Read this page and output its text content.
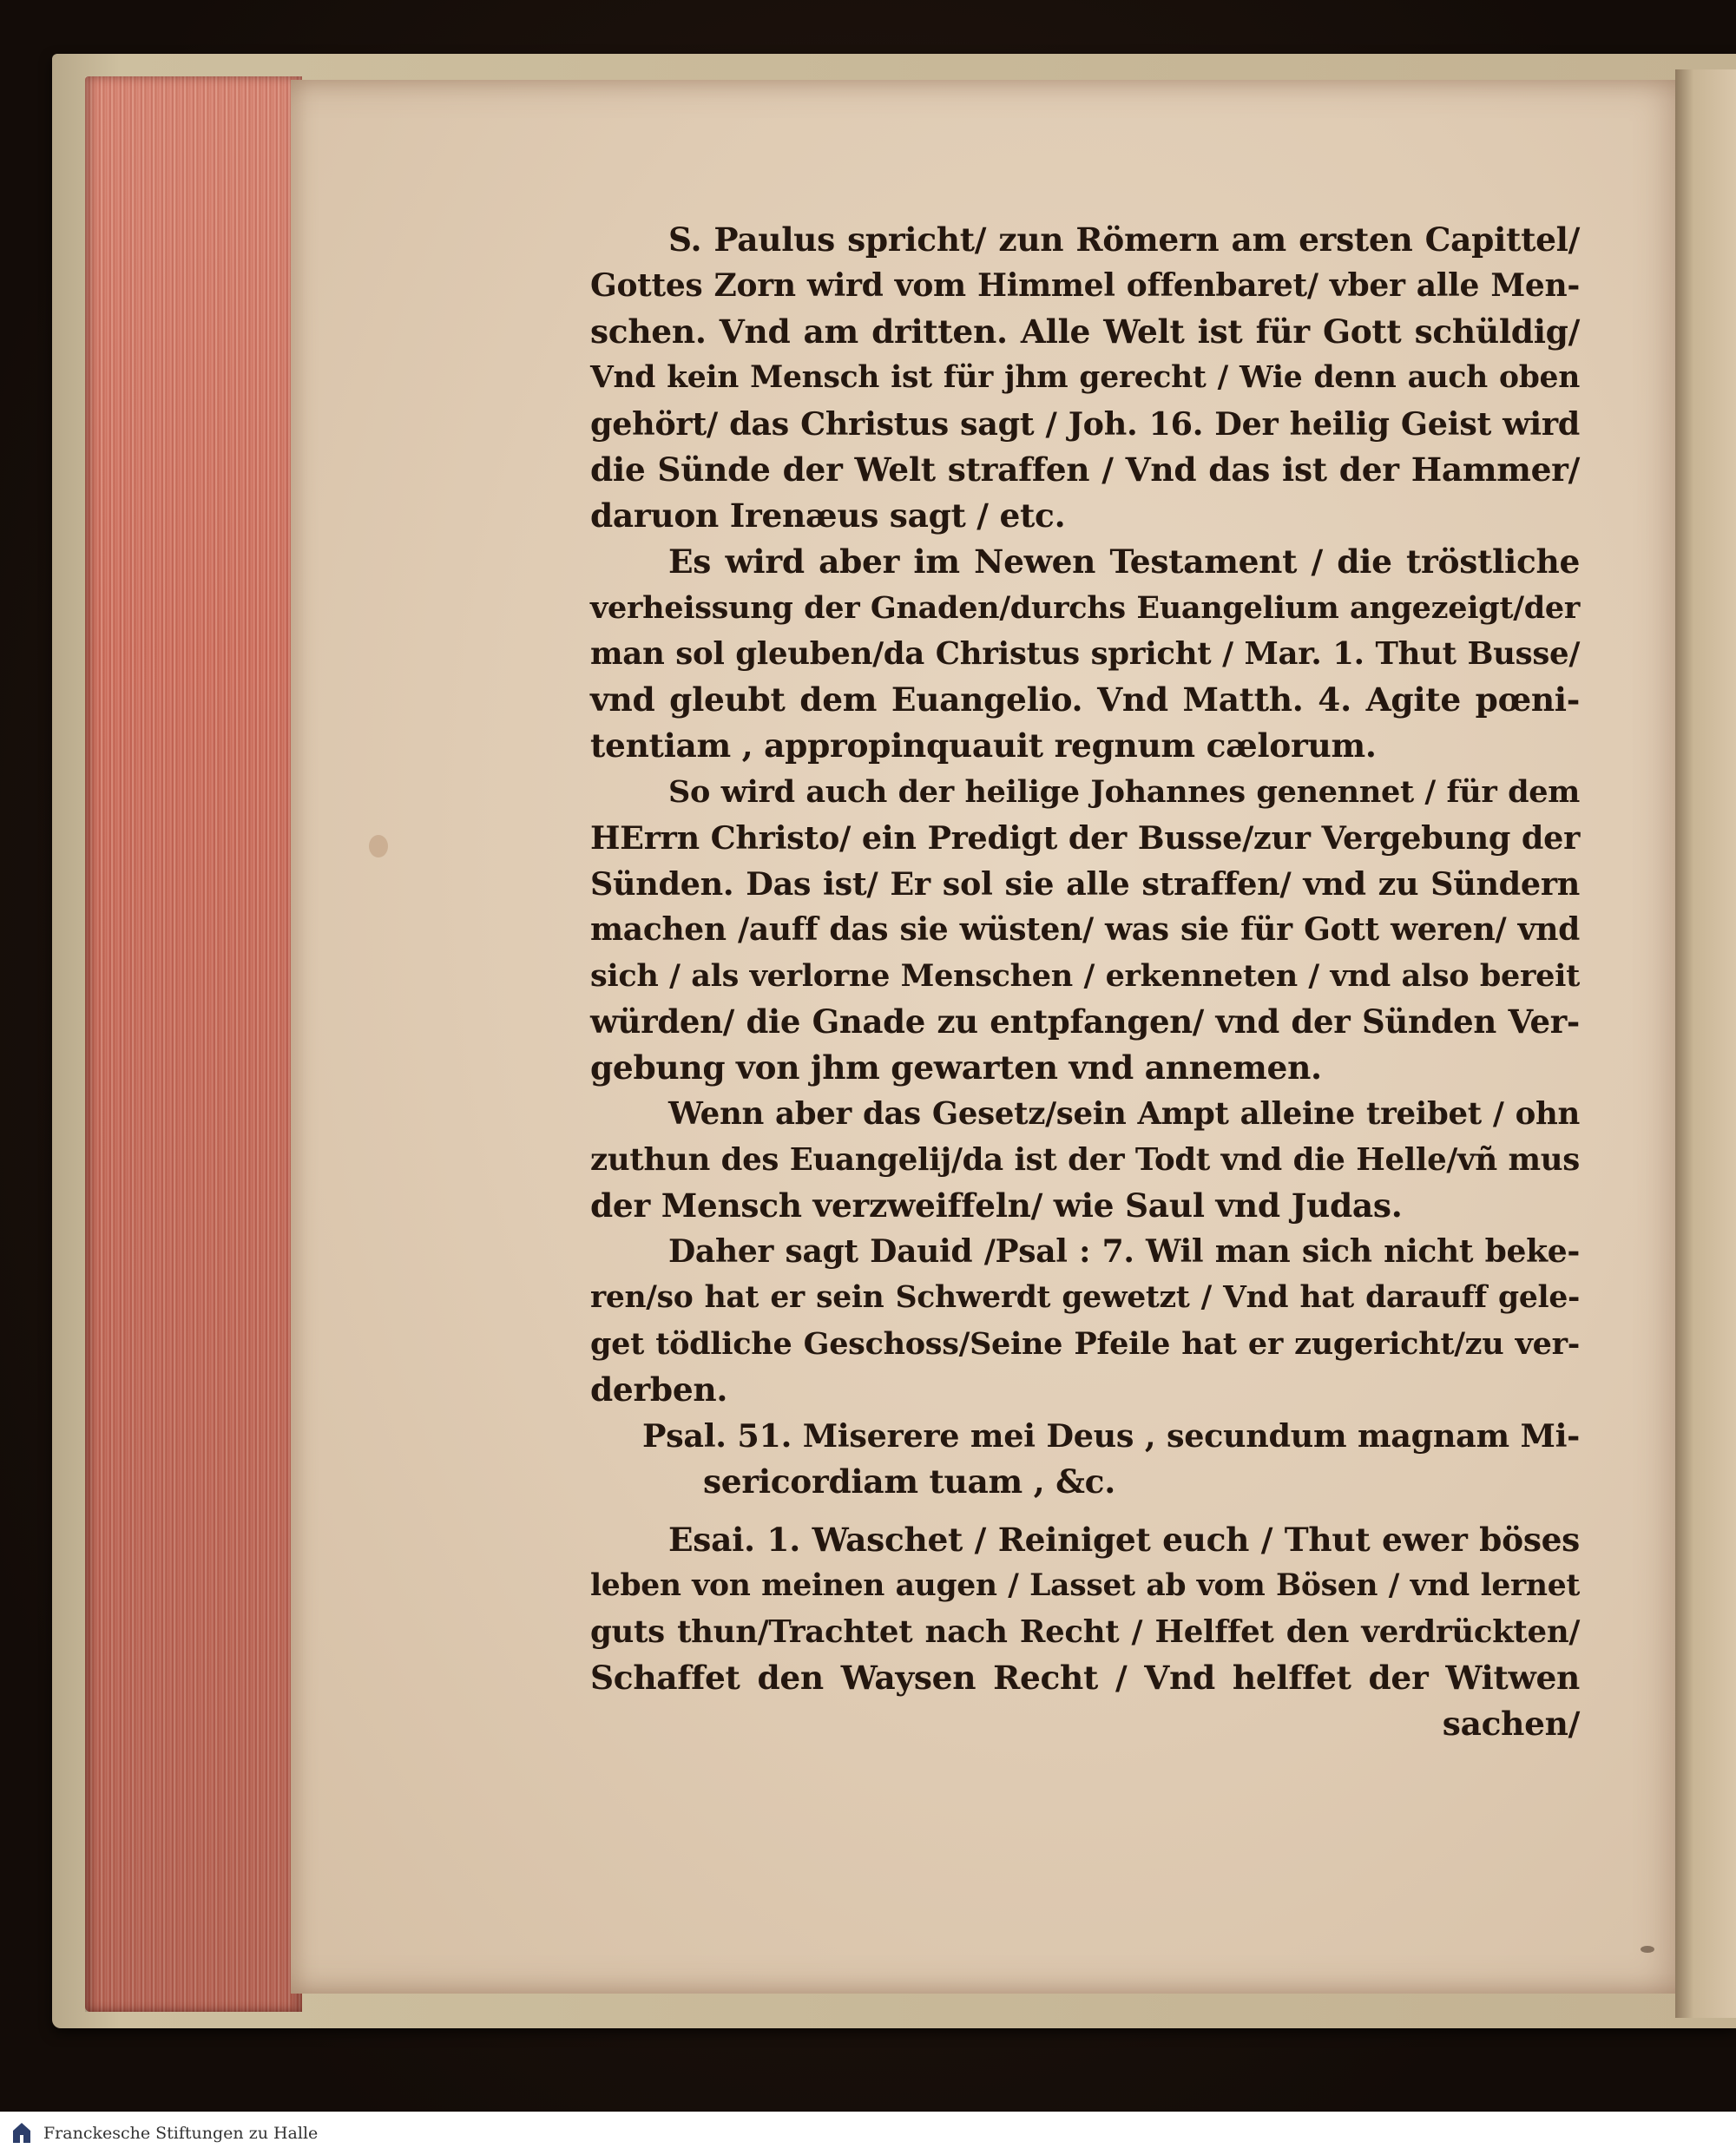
S. Paulus spricht/ zun Römern am ersten Capittel/
Gottes Zorn wird vom Himmel offenbaret/ vber alle Men-
schen. Vnd am dritten. Alle Welt ist für Gott schüldig/
Vnd kein Mensch ist für jhm gerecht / Wie denn auch oben
gehört/ das Christus sagt / Joh. 16. Der heilig Geist wird
die Sünde der Welt straffen / Vnd das ist der Hammer/
daruon Irenæus sagt / etc.
Es wird aber im Newen Testament / die tröstliche
verheissung der Gnaden/durchs Euangelium angezeigt/der
man sol gleuben/da Christus spricht / Mar. 1. Thut Busse/
vnd gleubt dem Euangelio. Vnd Matth. 4. Agite pœni-
tentiam , appropinquauit regnum cælorum.
So wird auch der heilige Johannes genennet / für dem
HErrn Christo/ ein Predigt der Busse/zur Vergebung der
Sünden. Das ist/ Er sol sie alle straffen/ vnd zu Sündern
machen /auff das sie wüsten/ was sie für Gott weren/ vnd
sich / als verlorne Menschen / erkenneten / vnd also bereit
würden/ die Gnade zu entpfangen/ vnd der Sünden Ver-
gebung von jhm gewarten vnd annemen.
Wenn aber das Gesetz/sein Ampt alleine treibet / ohn
zuthun des Euangelij/da ist der Todt vnd die Helle/vñ mus
der Mensch verzweiffeln/ wie Saul vnd Judas.
Daher sagt Dauid /Psal : 7. Wil man sich nicht beke-
ren/so hat er sein Schwerdt gewetzt / Vnd hat darauff gele-
get tödliche Geschoss/Seine Pfeile hat er zugericht/zu ver-
derben.
Psal. 51. Miserere mei Deus , secundum magnam Mi-
sericordiam tuam , &c.
Esai. 1. Waschet / Reiniget euch / Thut ewer böses
leben von meinen augen / Lasset ab vom Bösen / vnd lernet
guts thun/Trachtet nach Recht / Helffet den verdrückten/
Schaffet den Waysen Recht / Vnd helffet der Witwen
sachen/
Franckesche Stiftungen zu Halle
